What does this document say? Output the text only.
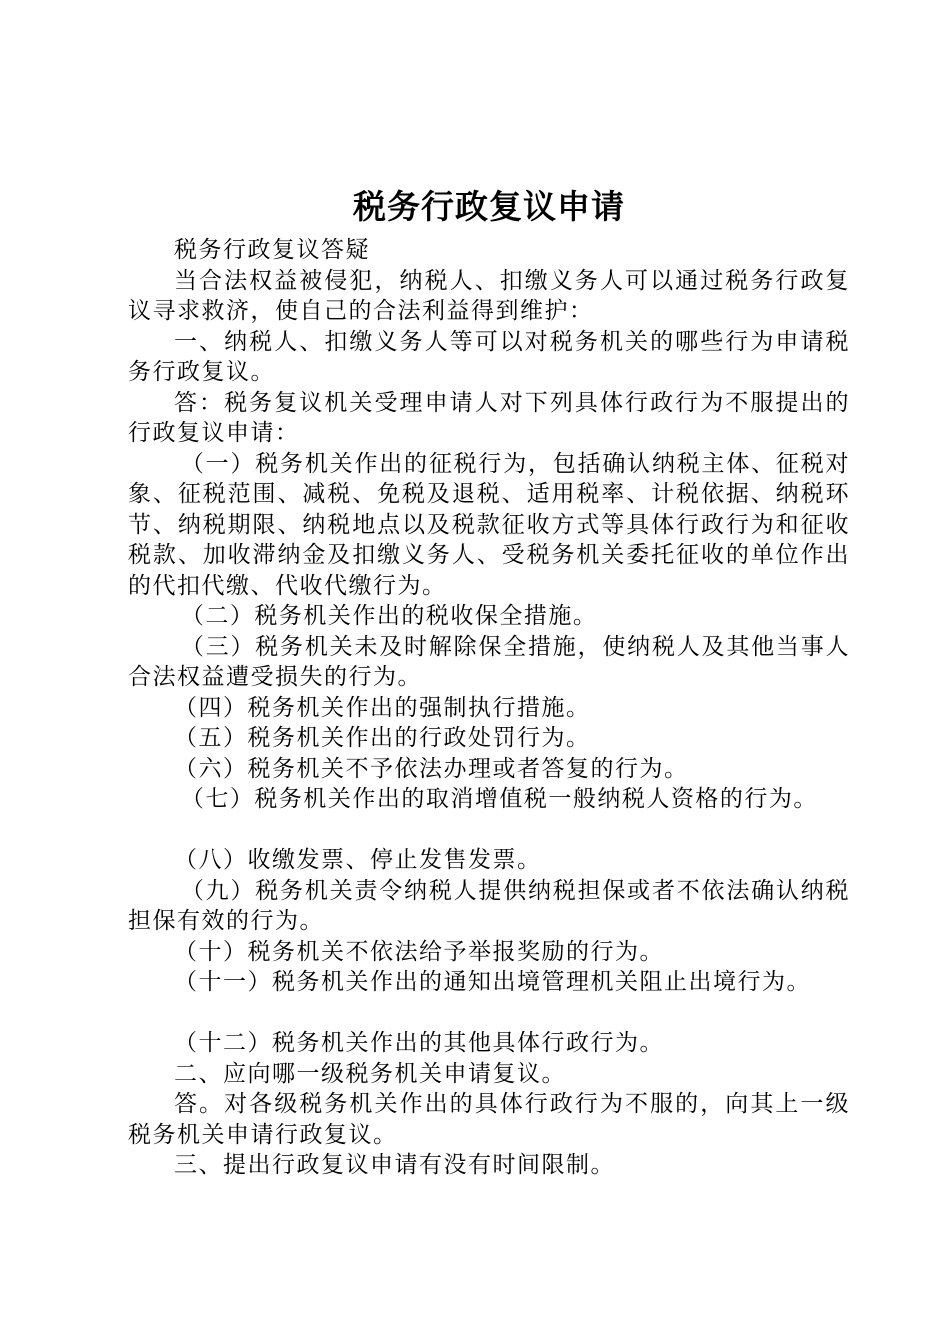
税务行政复议申请

税务行政复议答疑

当合法权益被侵犯，纳税人、扣缴义务人可以通过税务行政复议寻求救济，使自己的合法利益得到维护：

一、纳税人、扣缴义务人等可以对税务机关的哪些行为申请税务行政复议。

答：税务复议机关受理申请人对下列具体行政行为不服提出的行政复议申请：

（一）税务机关作出的征税行为，包括确认纳税主体、征税对象、征税范围、减税、免税及退税、适用税率、计税依据、纳税环节、纳税期限、纳税地点以及税款征收方式等具体行政行为和征收税款、加收滞纳金及扣缴义务人、受税务机关委托征收的单位作出的代扣代缴、代收代缴行为。

（二）税务机关作出的税收保全措施。

（三）税务机关未及时解除保全措施，使纳税人及其他当事人合法权益遭受损失的行为。

（四）税务机关作出的强制执行措施。

（五）税务机关作出的行政处罚行为。

（六）税务机关不予依法办理或者答复的行为。

（七）税务机关作出的取消增值税一般纳税人资格的行为。

（八）收缴发票、停止发售发票。

（九）税务机关责令纳税人提供纳税担保或者不依法确认纳税担保有效的行为。

（十）税务机关不依法给予举报奖励的行为。

（十一）税务机关作出的通知出境管理机关阻止出境行为。

（十二）税务机关作出的其他具体行政行为。

二、应向哪一级税务机关申请复议。

答。对各级税务机关作出的具体行政行为不服的，向其上一级税务机关申请行政复议。

三、提出行政复议申请有没有时间限制。
